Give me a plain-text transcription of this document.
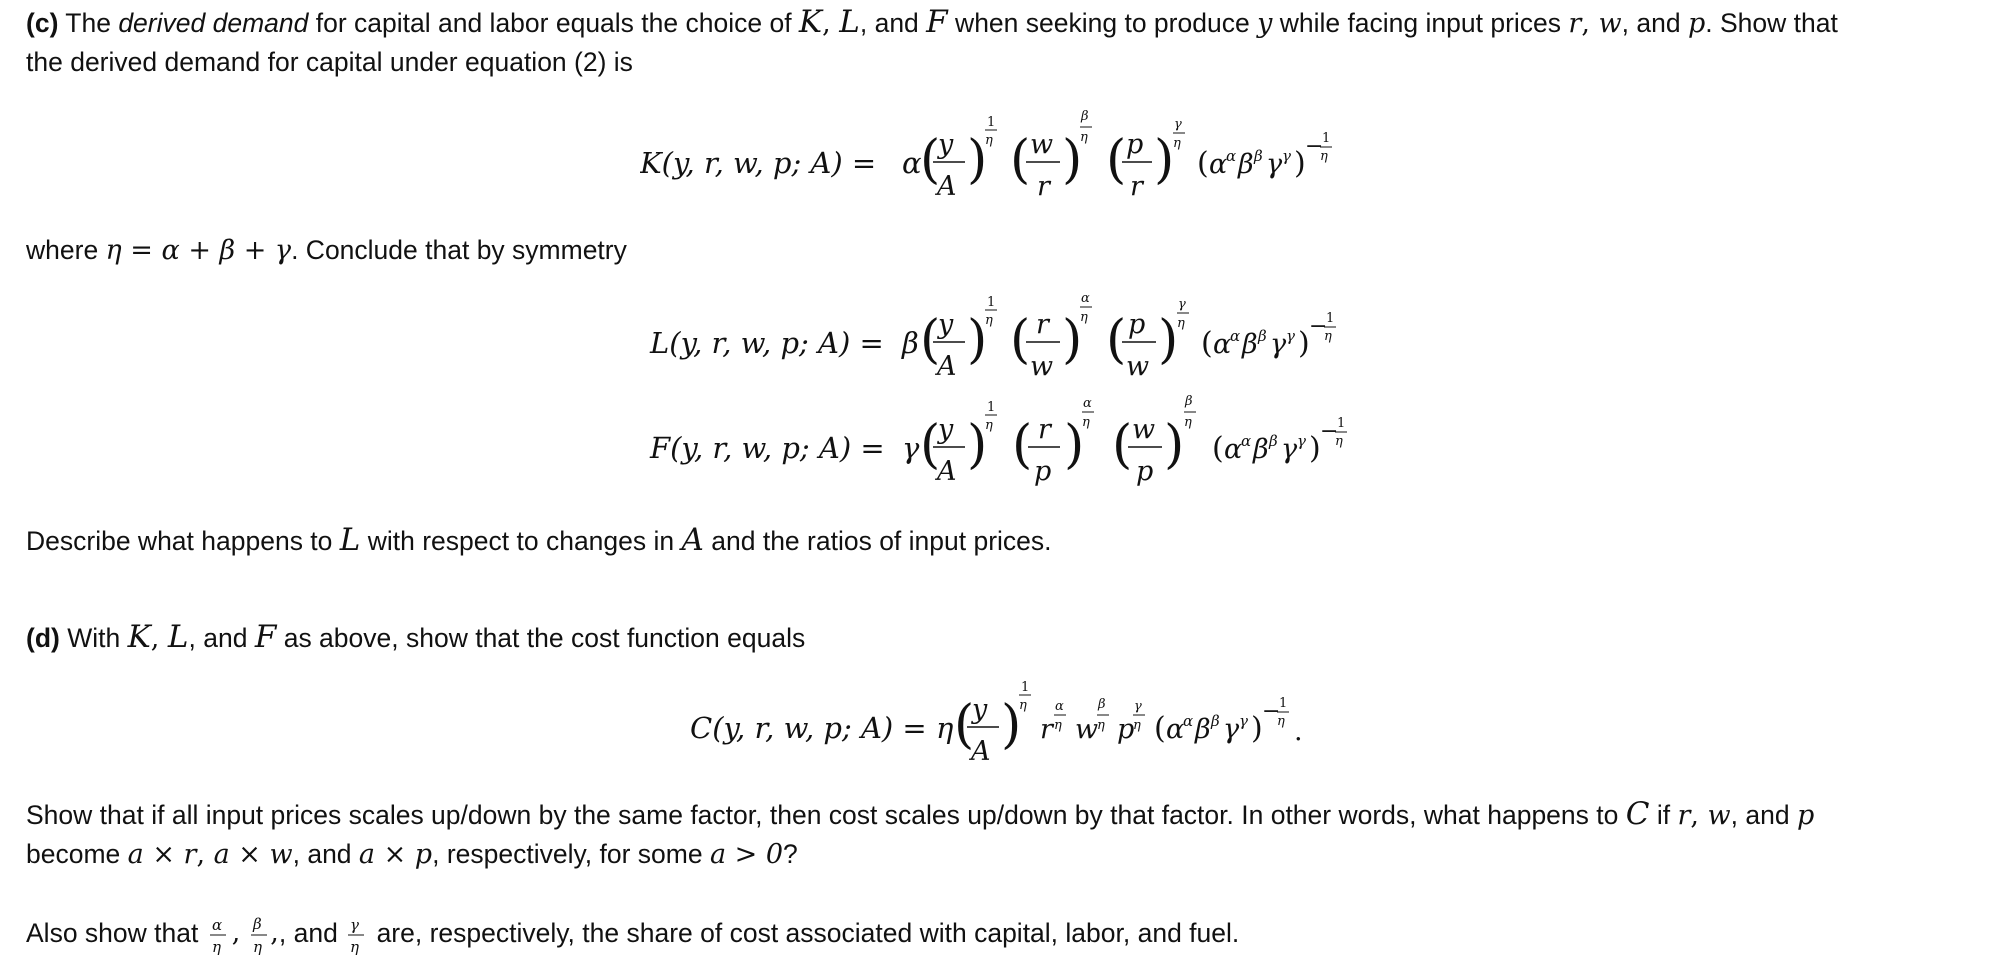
(c) The derived demand for capital and labor equals the choice of K, L, and F when seeking to produce y while facing input prices r, w, and p. Show that
the derived demand for capital under equation (2) is
K(y, r, w, p; A) = α
(
y
A )
1
η ( w
r )
β
η ( p
r )
γ
η
( α
α β β γ γ ) −
1
η
where η = α + β + γ. Conclude that by symmetry
L(y, r, w, p; A) = β (
y
A )
1
η ( r
w )
α
η ( p
w )
γ
η
( α
α β β γ γ ) −
1
η
F(y, r, w, p; A) = γ (
y
A )
1
η ( r
p )
α
η ( w
p )
β
η
( α
α β β γ γ ) −
1
η
Describe what happens to L with respect to changes in A and the ratios of input prices.
(d) With K, L, and F as above, show that the cost function equals
C(y, r, w, p; A) = η (
y
A )
1
η
r
α
η w
β
η p
γ
η ( α
α β β γ γ ) −
1
η .
Show that if all input prices scales up/down by the same factor, then cost scales up/down by that factor. In other words, what happens to C if r, w, and p
become a × r, a × w, and a × p, respectively, for some a > 0?
Also show that α
η , β
η , , and γ
η are, respectively, the share of cost associated with capital, labor, and fuel.
